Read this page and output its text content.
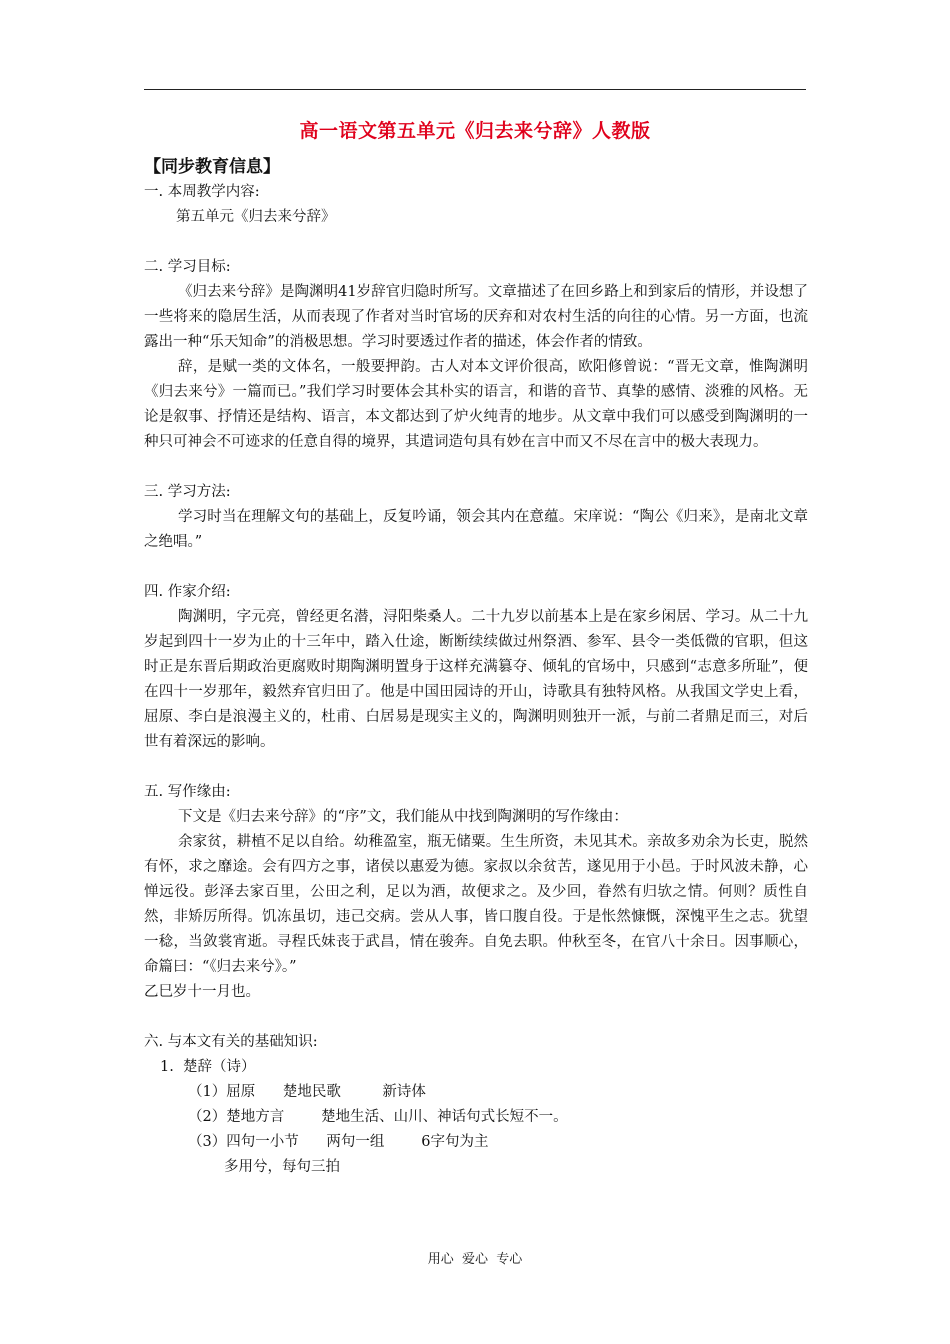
高一语文第五单元《归去来兮辞》人教版
【同步教育信息】

一. 本周教学内容:

第五单元《归去来兮辞》

二. 学习目标:

《归去来兮辞》是陶渊明41岁辞官归隐时所写。文章描述了在回乡路上和到家后的情形，并设想了一些将来的隐居生活，从而表现了作者对当时官场的厌弃和对农村生活的向往的心情。另一方面，也流露出一种“乐天知命”的消极思想。学习时要透过作者的描述，体会作者的情致。

辞，是赋一类的文体名，一般要押韵。古人对本文评价很高，欧阳修曾说：“晋无文章，惟陶渊明《归去来兮》一篇而已。”我们学习时要体会其朴实的语言，和谐的音节、真挚的感情、淡雅的风格。无论是叙事、抒情还是结构、语言，本文都达到了炉火纯青的地步。从文章中我们可以感受到陶渊明的一种只可神会不可迹求的任意自得的境界，其遣词造句具有妙在言中而又不尽在言中的极大表现力。

三. 学习方法:

学习时当在理解文句的基础上，反复吟诵，领会其内在意蕴。宋庠说：“陶公《归来》，是南北文章之绝唱。”

四. 作家介绍:

陶渊明，字元亮，曾经更名潜，浔阳柴桑人。二十九岁以前基本上是在家乡闲居、学习。从二十九岁起到四十一岁为止的十三年中，踏入仕途，断断续续做过州祭酒、参军、县令一类低微的官职，但这时正是东晋后期政治更腐败时期陶渊明置身于这样充满篡夺、倾轧的官场中，只感到“志意多所耻”，便在四十一岁那年，毅然弃官归田了。他是中国田园诗的开山，诗歌具有独特风格。从我国文学史上看，屈原、李白是浪漫主义的，杜甫、白居易是现实主义的，陶渊明则独开一派，与前二者鼎足而三，对后世有着深远的影响。

五. 写作缘由:

下文是《归去来兮辞》的“序”文，我们能从中找到陶渊明的写作缘由：

余家贫，耕植不足以自给。幼稚盈室，瓶无储粟。生生所资，未见其术。亲故多劝余为长吏，脱然有怀，求之靡途。会有四方之事，诸侯以惠爱为德。家叔以余贫苦，遂见用于小邑。于时风波未静，心惮远役。彭泽去家百里，公田之利，足以为酒，故便求之。及少回，眷然有归欤之情。何则？质性自然，非矫厉所得。饥冻虽切，违己交病。尝从人事，皆口腹自役。于是怅然慷慨，深愧平生之志。犹望一稔，当敛裳宵逝。寻程氏妹丧于武昌，情在骏奔。自免去职。仲秋至冬，在官八十余日。因事顺心，命篇曰：“《归去来兮》。”

乙巳岁十一月也。

六. 与本文有关的基础知识:

1.  楚辞（诗）

（1）屈原      楚地民歌         新诗体

（2）楚地方言        楚地生活、山川、神话句式长短不一。

（3）四句一小节      两句一组        6字句为主

多用兮，每句三拍

用心  爱心  专心
